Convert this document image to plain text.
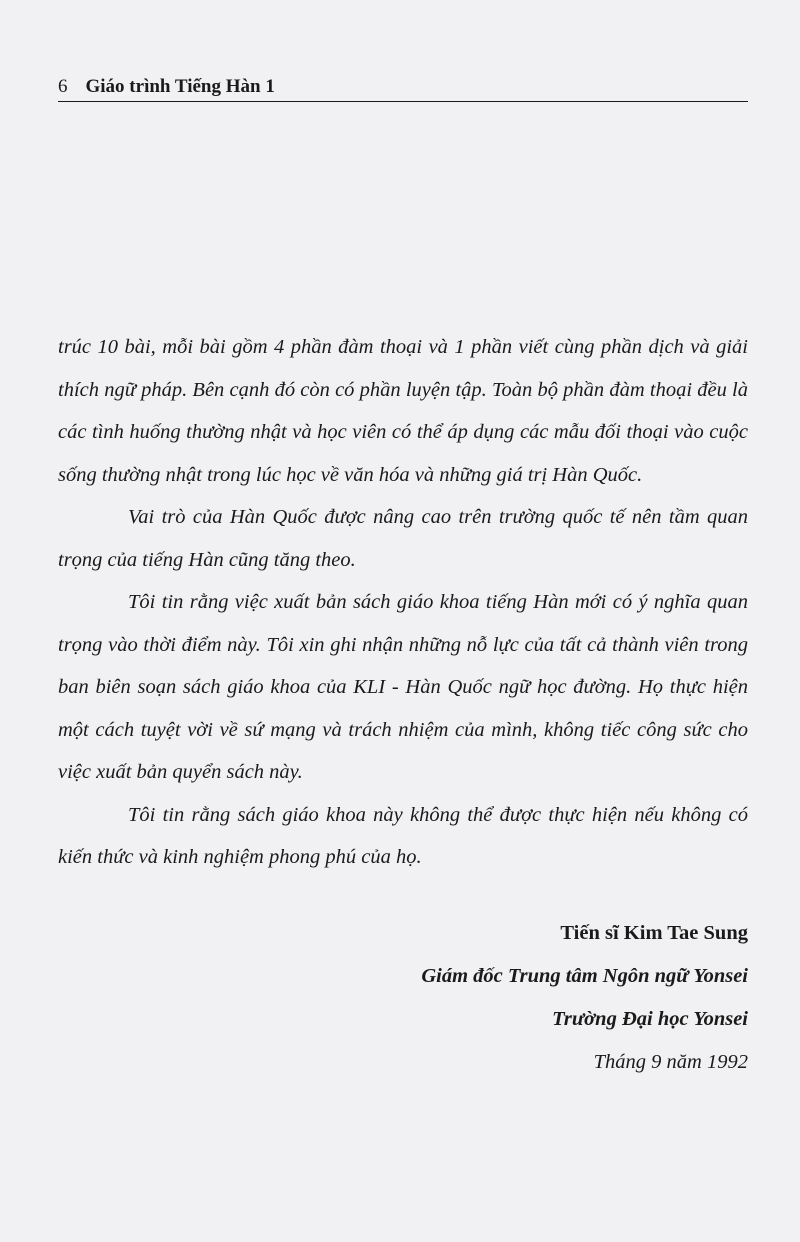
6 Giáo trình Tiếng Hàn 1

trúc 10 bài, mỗi bài gồm 4 phần đàm thoại và 1 phần viết cùng phần dịch và giải thích ngữ pháp. Bên cạnh đó còn có phần luyện tập. Toàn bộ phần đàm thoại đều là các tình huống thường nhật và học viên có thể áp dụng các mẫu đối thoại vào cuộc sống thường nhật trong lúc học về văn hóa và những giá trị Hàn Quốc.

Vai trò của Hàn Quốc được nâng cao trên trường quốc tế nên tầm quan trọng của tiếng Hàn cũng tăng theo.

Tôi tin rằng việc xuất bản sách giáo khoa tiếng Hàn mới có ý nghĩa quan trọng vào thời điểm này. Tôi xin ghi nhận những nỗ lực của tất cả thành viên trong ban biên soạn sách giáo khoa của KLI - Hàn Quốc ngữ học đường. Họ thực hiện một cách tuyệt vời về sứ mạng và trách nhiệm của mình, không tiếc công sức cho việc xuất bản quyển sách này.

Tôi tin rằng sách giáo khoa này không thể được thực hiện nếu không có kiến thức và kinh nghiệm phong phú của họ.

Tiến sĩ Kim Tae Sung
Giám đốc Trung tâm Ngôn ngữ Yonsei
Trường Đại học Yonsei
Tháng 9 năm 1992
